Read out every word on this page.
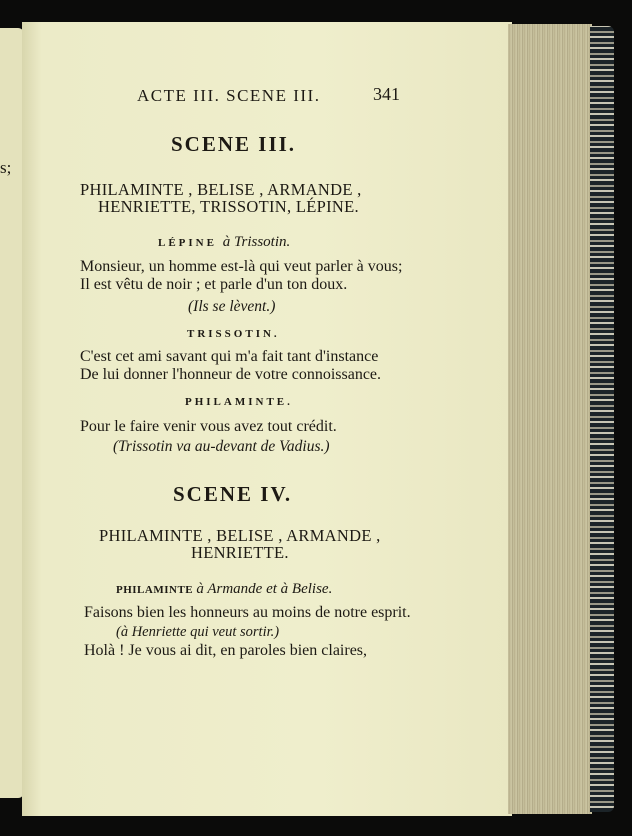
s;
ACTE III. SCENE III.	341
SCENE III.
PHILAMINTE , BELISE , ARMANDE ,
HENRIETTE, TRISSOTIN, LÉPINE.
LÉPINE à Trissotin.
Monsieur, un homme est-là qui veut parler à vous;
Il est vêtu de noir ; et parle d'un ton doux.
(Ils se lèvent.)
TRISSOTIN.
C'est cet ami savant qui m'a fait tant d'instance
De lui donner l'honneur de votre connoissance.
PHILAMINTE.
Pour le faire venir vous avez tout crédit.
(Trissotin va au-devant de Vadius.)
SCENE IV.
PHILAMINTE , BELISE , ARMANDE ,
HENRIETTE.
PHILAMINTE à Armande et à Belise.
Faisons bien les honneurs au moins de notre esprit.
(à Henriette qui veut sortir.)
Holà ! Je vous ai dit, en paroles bien claires,
